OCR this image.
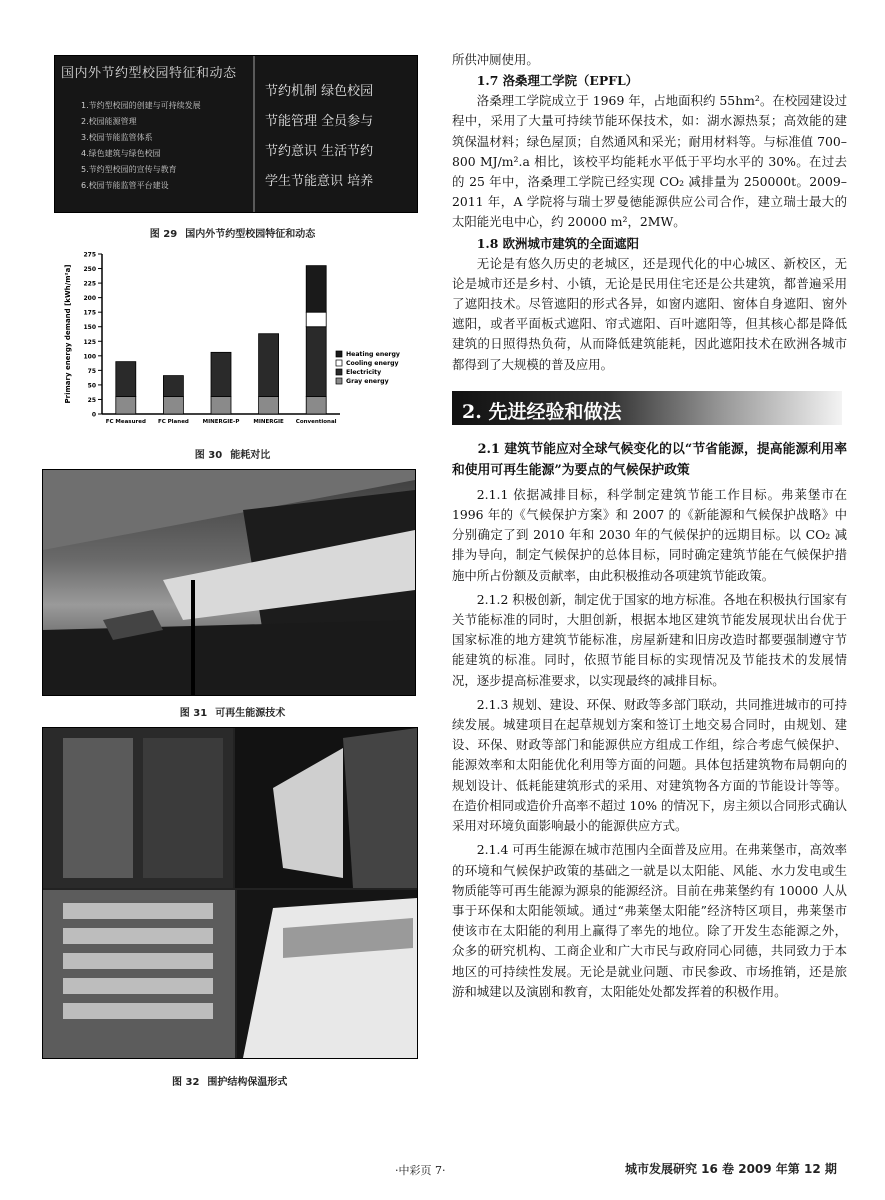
国内外节约型校园特征和动态
1.节约型校园的创建与可持续发展
2.校园能源管理
3.校园节能监管体系
4.绿色建筑与绿色校园
5.节约型校园的宣传与教育
6.校园节能监管平台建设
节约机制 绿色校园
节能管理 全员参与
节约意识 生活节约
学生节能意识 培养
图 29 国内外节约型校园特征和动态
0
25
50
75
100
125
150
175
200
225
250
275
Primary energy demand [kWh/m²a]
FC Measured FC Planed	MINERGIE-P	MINERGIE Conventional
Heating energy
Cooling energy
Electricity
Gray energy
图 30 能耗对比
图 31 可再生能源技术
图 32 围护结构保温形式

所供冲厕使用。

1.7 洛桑理工学院（EPFL）

洛桑理工学院成立于 1969 年，占地面积约 55hm²。在校园建设过程中，采用了大量可持续节能环保技术，如：湖水源热泵；高效能的建筑保温材料；绿色屋顶；自然通风和采光；耐用材料等。与标准值 700–800 MJ/m².a 相比，该校平均能耗水平低于平均水平的 30%。在过去的 25 年中，洛桑理工学院已经实现 CO₂ 减排量为 250000t。2009–2011 年，A 学院将与瑞士罗曼徳能源供应公司合作，建立瑞士最大的太阳能光电中心，约 20000 m²，2MW。

1.8 欧洲城市建筑的全面遮阳

无论是有悠久历史的老城区，还是现代化的中心城区、新校区，无论是城市还是乡村、小镇，无论是民用住宅还是公共建筑，都普遍采用了遮阳技术。尽管遮阳的形式各异，如窗内遮阳、窗体自身遮阳、窗外遮阳，或者平面板式遮阳、帘式遮阳、百叶遮阳等，但其核心都是降低建筑的日照得热负荷，从而降低建筑能耗，因此遮阳技术在欧洲各城市都得到了大规模的普及应用。

2. 先进经验和做法
2.1 建筑节能应对全球气候变化的以“节省能源，提高能源利用率和使用可再生能源”为要点的气候保护政策

2.1.1 依据减排目标，科学制定建筑节能工作目标。弗莱堡市在 1996 年的《气候保护方案》和 2007 的《新能源和气候保护战略》中分别确定了到 2010 年和 2030 年的气候保护的远期目标。以 CO₂ 减排为导向，制定气候保护的总体目标，同时确定建筑节能在气候保护措施中所占份额及贡献率，由此积极推动各项建筑节能政策。

2.1.2 积极创新，制定优于国家的地方标准。各地在积极执行国家有关节能标准的同时，大胆创新，根据本地区建筑节能发展现状出台优于国家标准的地方建筑节能标准，房屋新建和旧房改造时都要强制遵守节能建筑的标准。同时，依照节能目标的实现情况及节能技术的发展情况，逐步提高标准要求，以实现最终的减排目标。

2.1.3 规划、建设、环保、财政等多部门联动，共同推进城市的可持续发展。城建项目在起草规划方案和签订土地交易合同时，由规划、建设、环保、财政等部门和能源供应方组成工作组，综合考虑气候保护、能源效率和太阳能优化利用等方面的问题。具体包括建筑物布局朝向的规划设计、低耗能建筑形式的采用、对建筑物各方面的节能设计等等。在造价相同或造价升高率不超过 10% 的情况下，房主须以合同形式确认采用对环境负面影响最小的能源供应方式。

2.1.4 可再生能源在城市范围内全面普及应用。在弗莱堡市，高效率的环境和气候保护政策的基础之一就是以太阳能、风能、水力发电或生物质能等可再生能源为源泉的能源经济。目前在弗莱堡约有 10000 人从事于环保和太阳能领域。通过“弗莱堡太阳能”经济特区项目，弗莱堡市使该市在太阳能的利用上赢得了率先的地位。除了开发生态能源之外，众多的研究机构、工商企业和广大市民与政府同心同德，共同致力于本地区的可持续性发展。无论是就业问题、市民参政、市场推销，还是旅游和城建以及演剧和教育，太阳能处处都发挥着的积极作用。

·中彩页 7·	城市发展研究 16 卷 2009 年第 12 期
